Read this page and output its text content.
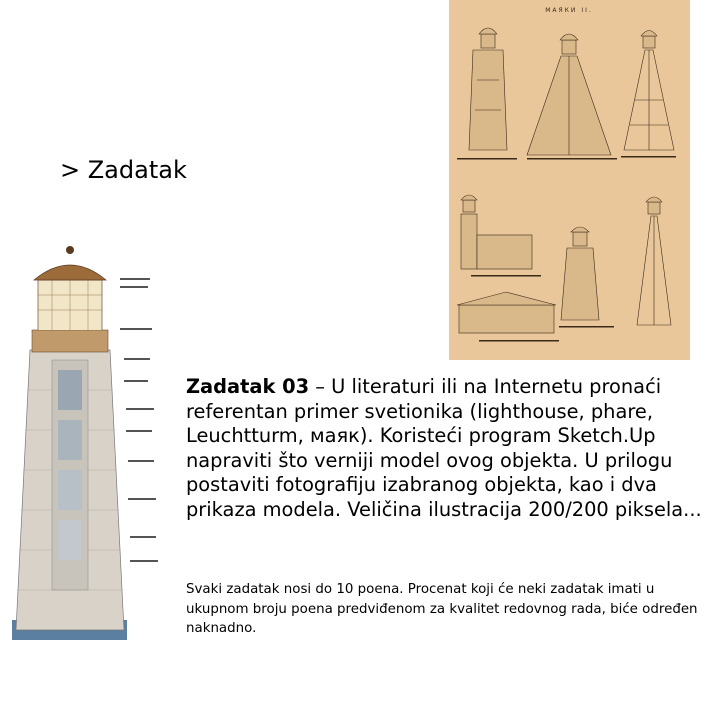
> Zadatak
МАЯКИ II.
Zadatak 03 – U literaturi ili na Internetu pronaći referentan primer svetionika (lighthouse, phare, Leuchtturm, маяк). Koristeći program Sketch.Up napraviti što verniji model ovog objekta. U prilogu postaviti fotografiju izabranog objekta, kao i dva prikaza modela. Veličina ilustracija 200/200 piksela...
Svaki zadatak nosi do 10 poena. Procenat koji će neki zadatak imati u ukupnom broju poena predviđenom za kvalitet redovnog rada, biće određen naknadno.
